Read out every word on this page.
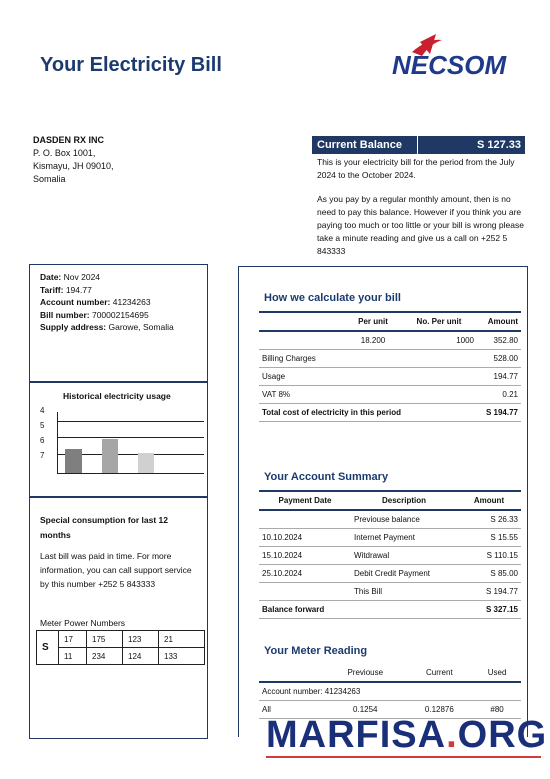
Your Electricity Bill	NECSOM
DASDEN RX INC
P. O. Box 1001,
Kismayu, JH 09010,
Somalia
Current Balance	S 127.33

This is your electricity bill for the period from the July 2024 to the October 2024.

As you pay by a regular monthly amount, then is no need to pay this balance. However if you think you are paying too much or too little or your bill is wrong please take a minute reading and give us a call on +252 5 843333

Date: Nov 2024
Tariff: 194.77
Account number: 41234263
Bill number: 700002154695
Supply address: Garowe, Somalia
Historical electricity usage
4
5
6
7
Special consumption for last 12 months
Last bill was paid in time. For more information, you can call support service by this number +252 5 843333
Meter Power Numbers
S	17	175	123	21
	11	234	124	133
How we calculate your bill
	Per unit	No. Per unit	Amount
	18.200	1000	352.80
Billing Charges			528.00
Usage			194.77
VAT 8%			0.21
Total cost of electricity in this period			S 194.77
Your Account Summary
Payment Date	Description	Amount
	Previouse balance	S 26.33
10.10.2024	Internet Payment	S 15.55
15.10.2024	Witdrawal	S 110.15
25.10.2024	Debit Credit Payment	S 85.00
	This Bill	S 194.77
Balance forward		S 327.15
Your Meter Reading
	Previouse	Current	Used
Account number: 41234263			
All	0.1254	0.12876	#80
MARFISA.ORG
